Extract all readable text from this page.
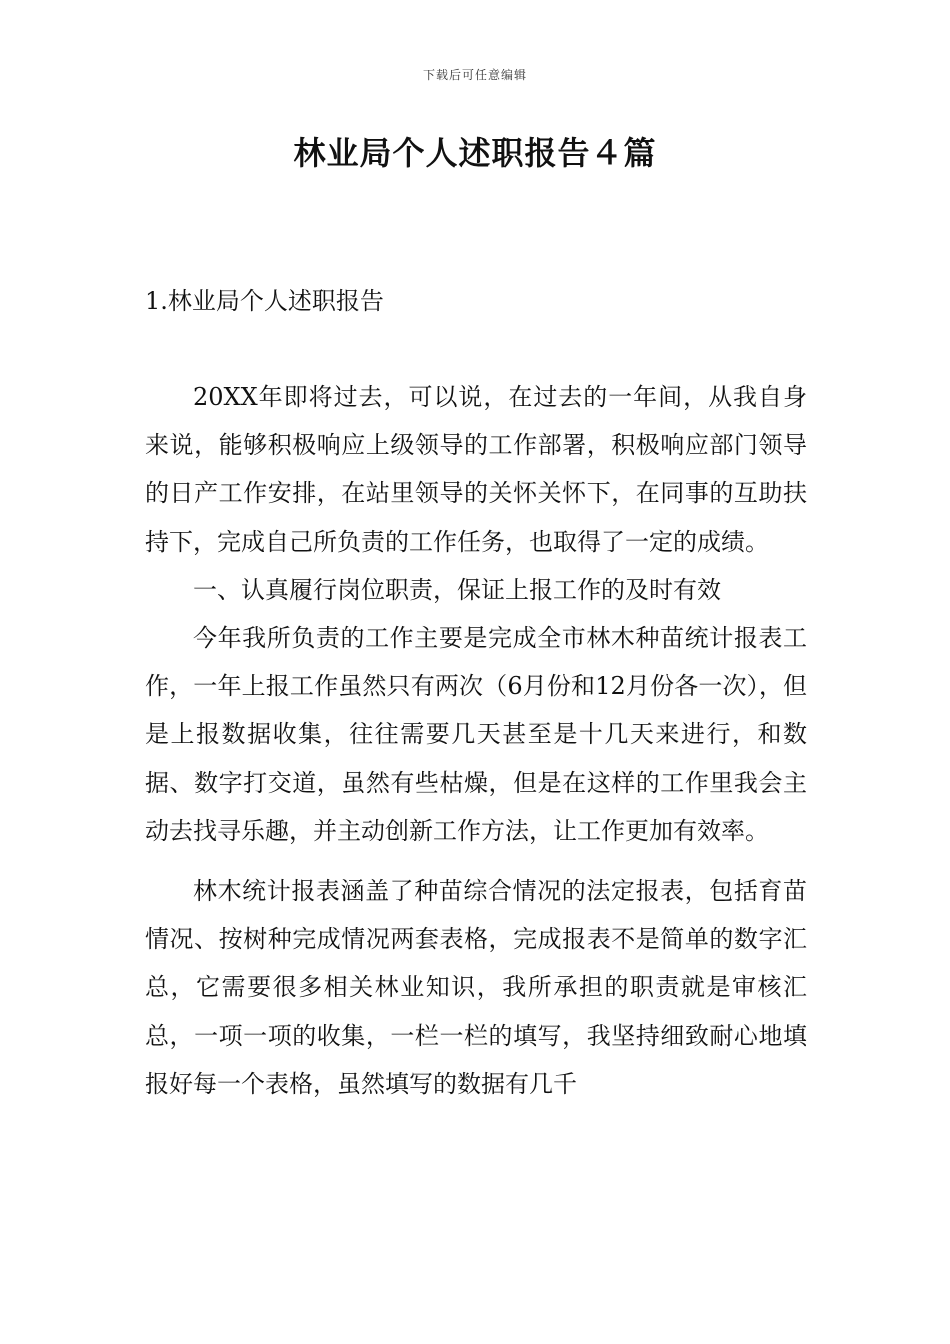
下载后可任意编辑
林业局个人述职报告４篇
1.林业局个人述职报告

20XX年即将过去，可以说，在过去的一年间，从我自身来说，能够积极响应上级领导的工作部署，积极响应部门领导的日产工作安排，在站里领导的关怀关怀下，在同事的互助扶持下，完成自己所负责的工作任务，也取得了一定的成绩。

一、认真履行岗位职责，保证上报工作的及时有效

今年我所负责的工作主要是完成全市林木种苗统计报表工作，一年上报工作虽然只有两次（6月份和12月份各一次），但是上报数据收集，往往需要几天甚至是十几天来进行，和数据、数字打交道，虽然有些枯燥，但是在这样的工作里我会主动去找寻乐趣，并主动创新工作方法，让工作更加有效率。

林木统计报表涵盖了种苗综合情况的法定报表，包括育苗情况、按树种完成情况两套表格，完成报表不是简单的数字汇总，它需要很多相关林业知识，我所承担的职责就是审核汇总，一项一项的收集，一栏一栏的填写，我坚持细致耐心地填报好每一个表格，虽然填写的数据有几千
